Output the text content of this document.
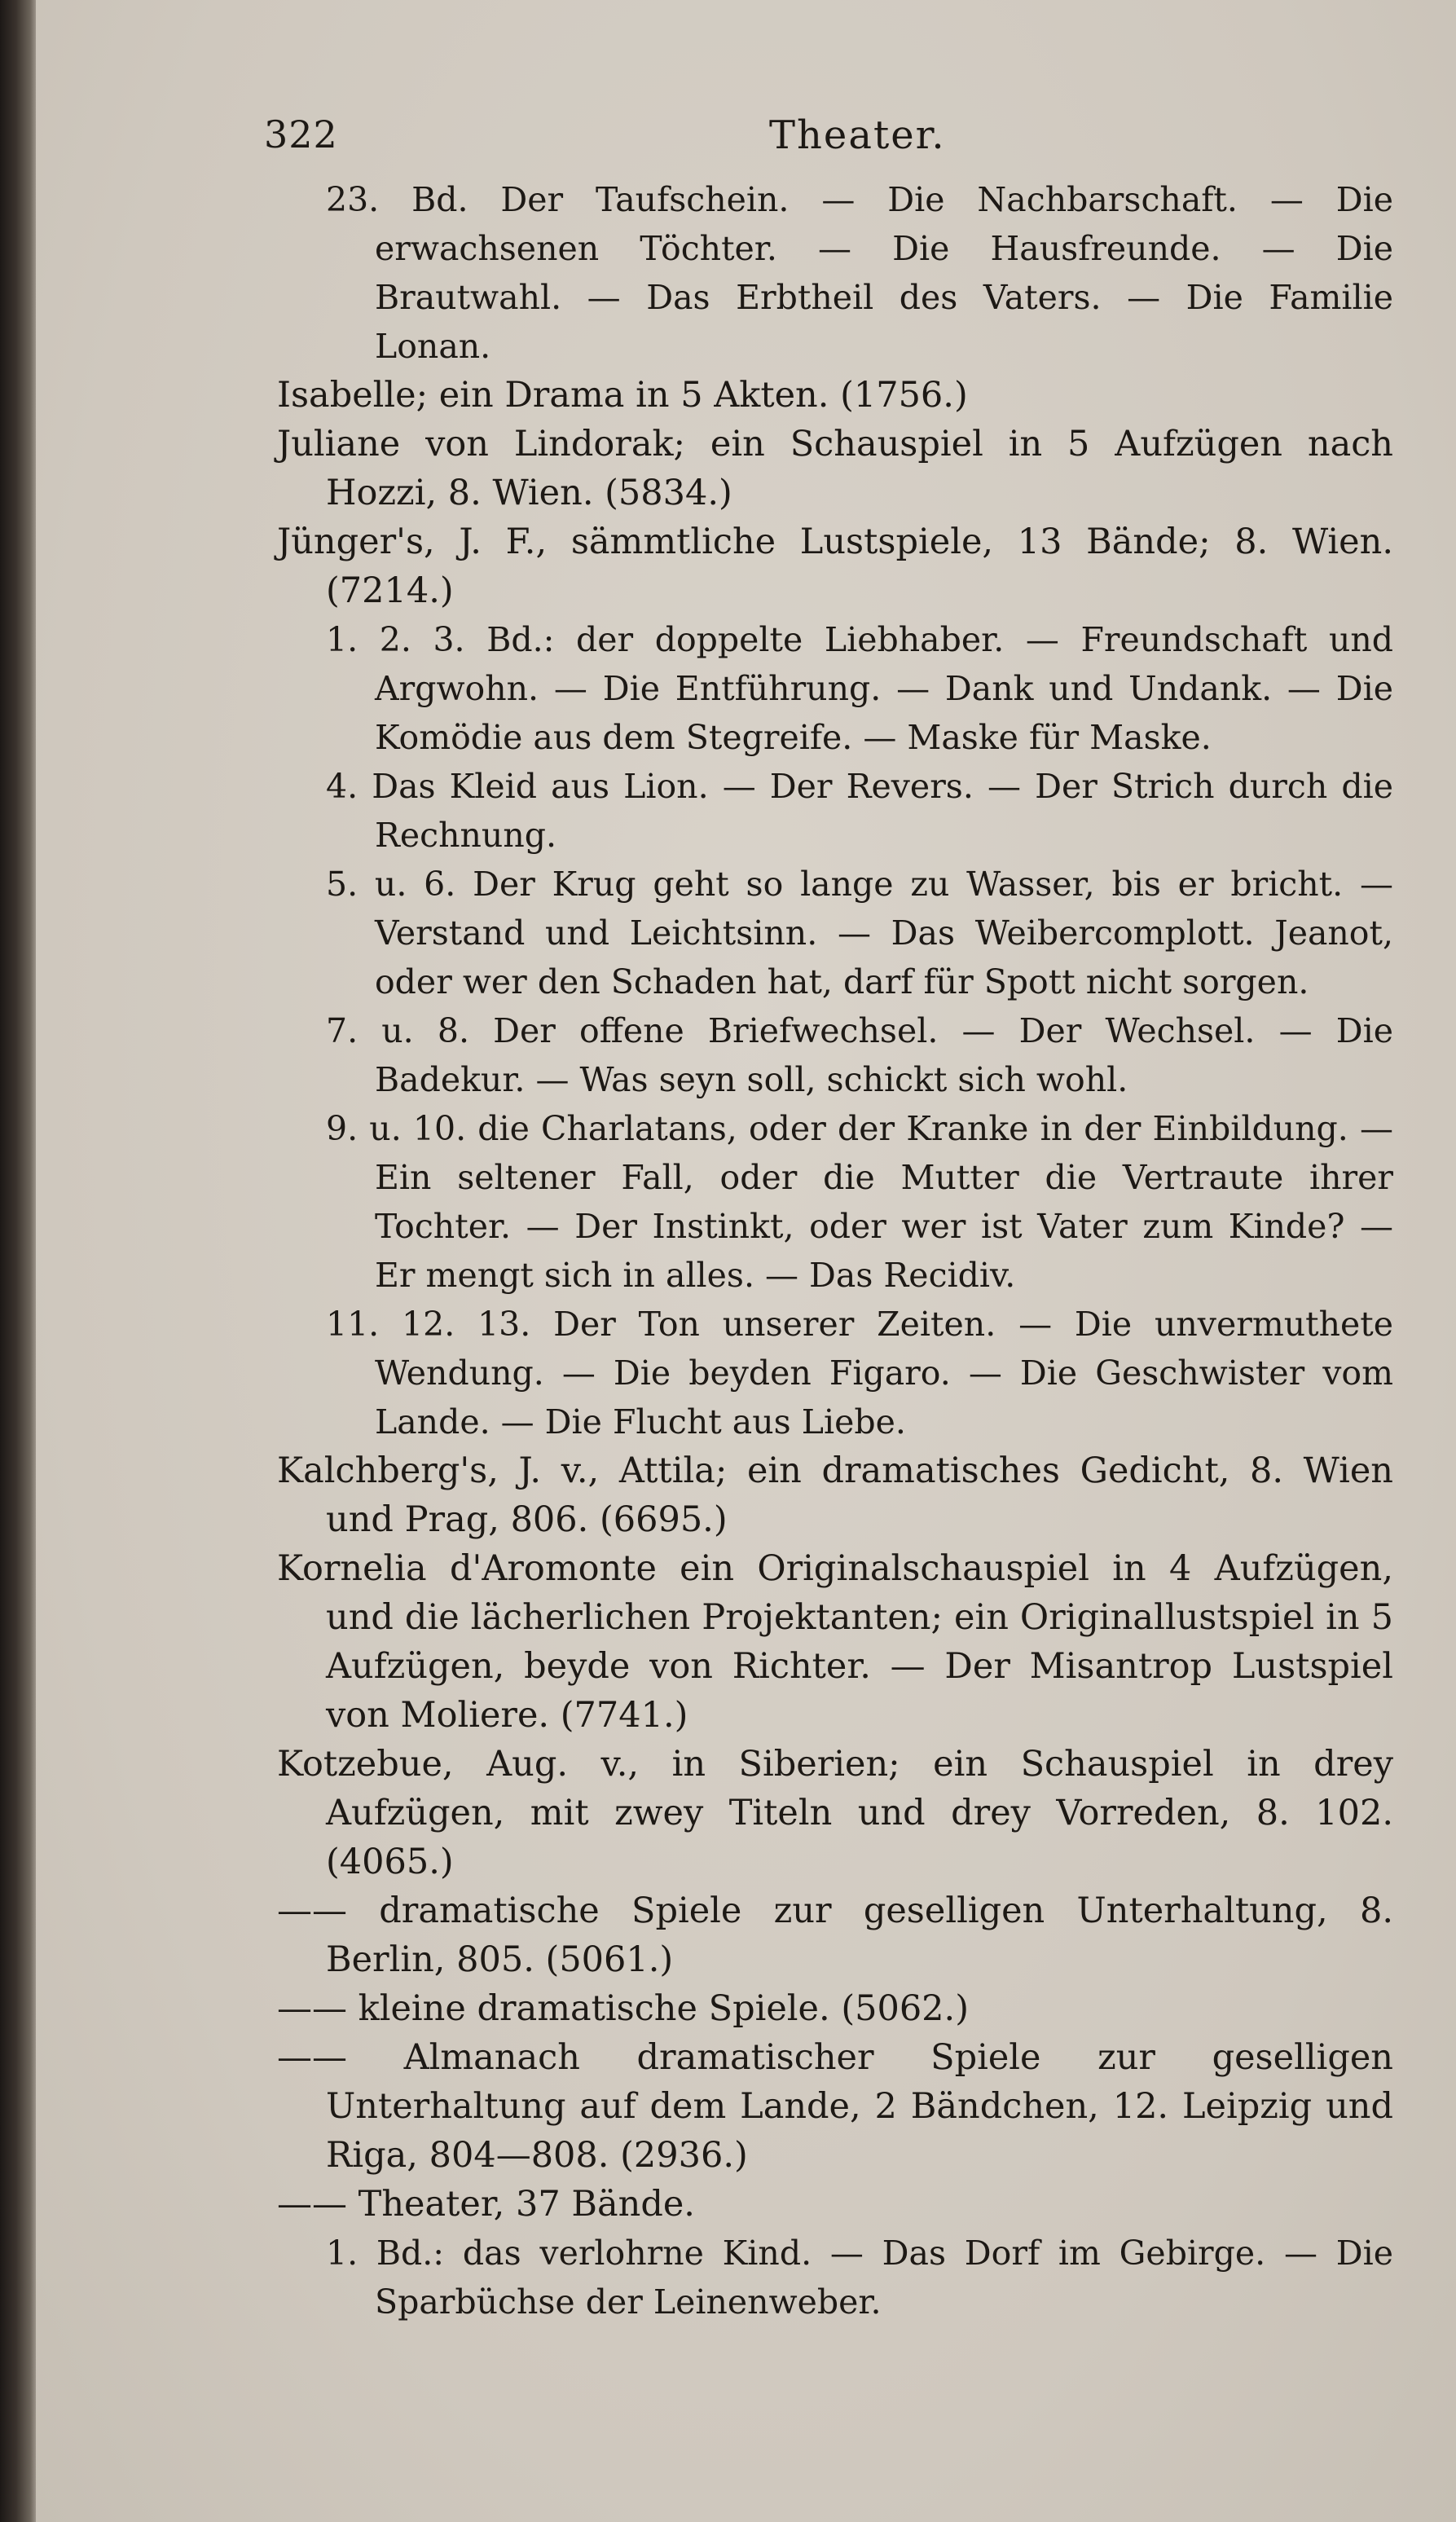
322	Theater.

23. Bd. Der Taufschein. — Die Nachbarschaft. — Die erwachsenen Töchter. — Die Hausfreunde. — Die Brautwahl. — Das Erbtheil des Vaters. — Die Familie Lonan.

Isabelle; ein Drama in 5 Akten. (1756.)

Juliane von Lindorak; ein Schauspiel in 5 Aufzügen nach Hozzi, 8. Wien. (5834.)

Jünger's, J. F., sämmtliche Lustspiele, 13 Bände; 8. Wien. (7214.)

1. 2. 3. Bd.: der doppelte Liebhaber. — Freundschaft und Argwohn. — Die Entführung. — Dank und Undank. — Die Komödie aus dem Stegreife. — Maske für Maske.

4. Das Kleid aus Lion. — Der Revers. — Der Strich durch die Rechnung.

5. u. 6. Der Krug geht so lange zu Wasser, bis er bricht. — Verstand und Leichtsinn. — Das Weibercomplott. Jeanot, oder wer den Schaden hat, darf für Spott nicht sorgen.

7. u. 8. Der offene Briefwechsel. — Der Wechsel. — Die Badekur. — Was seyn soll, schickt sich wohl.

9. u. 10. die Charlatans, oder der Kranke in der Einbildung. — Ein seltener Fall, oder die Mutter die Vertraute ihrer Tochter. — Der Instinkt, oder wer ist Vater zum Kinde? — Er mengt sich in alles. — Das Recidiv.

11. 12. 13. Der Ton unserer Zeiten. — Die unvermuthete Wendung. — Die beyden Figaro. — Die Geschwister vom Lande. — Die Flucht aus Liebe.

Kalchberg's, J. v., Attila; ein dramatisches Gedicht, 8. Wien und Prag, 806. (6695.)

Kornelia d'Aromonte ein Originalschauspiel in 4 Aufzügen, und die lächerlichen Projektanten; ein Originallustspiel in 5 Aufzügen, beyde von Richter. — Der Misantrop Lustspiel von Moliere. (7741.)

Kotzebue, Aug. v., in Siberien; ein Schauspiel in drey Aufzügen, mit zwey Titeln und drey Vorreden, 8. 102. (4065.)

—— dramatische Spiele zur geselligen Unterhaltung, 8. Berlin, 805. (5061.)

—— kleine dramatische Spiele. (5062.)

—— Almanach dramatischer Spiele zur geselligen Unterhaltung auf dem Lande, 2 Bändchen, 12. Leipzig und Riga, 804—808. (2936.)

—— Theater, 37 Bände.

1. Bd.: das verlohrne Kind. — Das Dorf im Gebirge. — Die Sparbüchse der Leinenweber.
